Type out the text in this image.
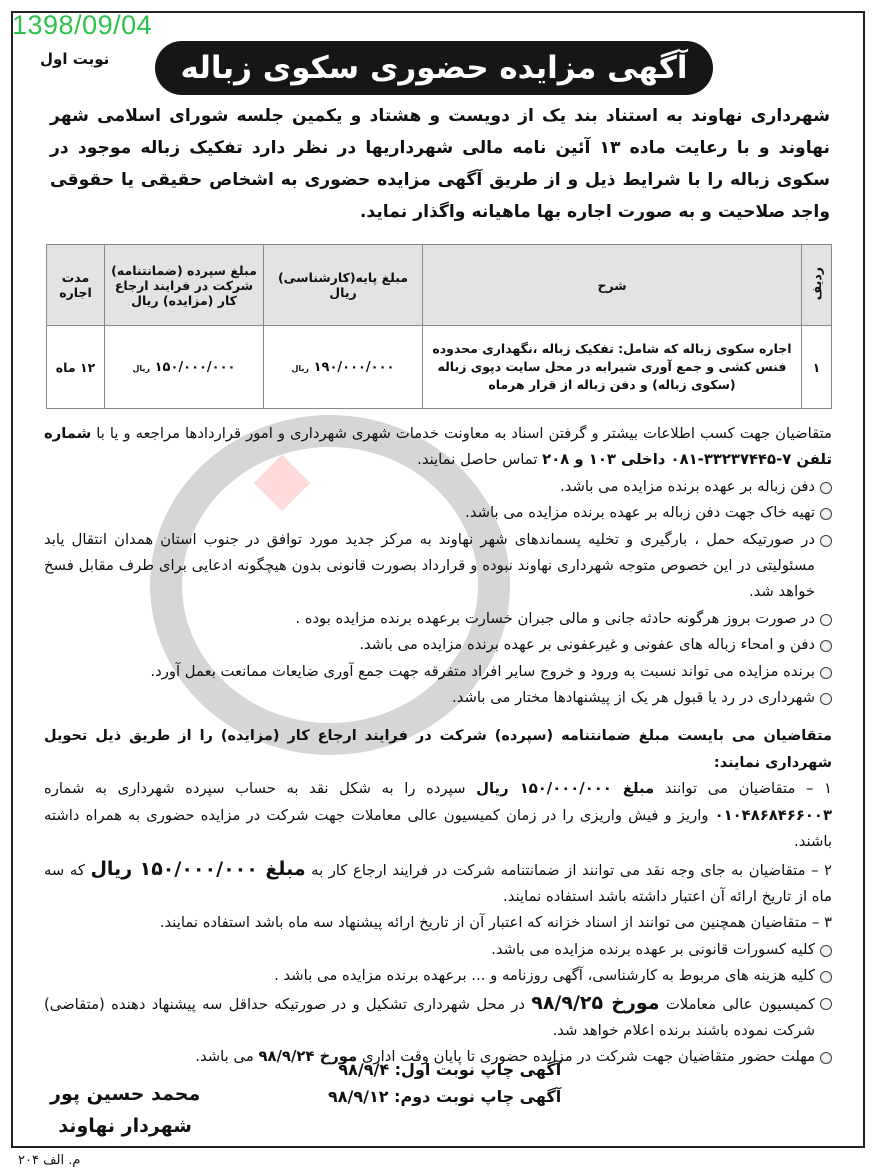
1398/09/04
نوبت اول آگهی مزایده حضوری سکوی زباله
شهرداری نهاوند به استناد بند یک از دویست و هشتاد و یکمین جلسه شورای اسلامی شهر نهاوند و با رعایت ماده ۱۳ آئین نامه مالی شهرداریها در نظر دارد تفکیک زباله موجود در سکوی زباله را با شرایط ذیل و از طریق آگهی مزایده حضوری به اشخاص حقیقی یا حقوقی واجد صلاحیت و به صورت اجاره بها ماهیانه واگذار نماید.
ردیف	شرح	مبلغ پایه(کارشناسی) ریال	مبلغ سپرده (ضمانتنامه) شرکت در فرایند ارجاع کار (مزایده) ریال	مدت اجاره
۱	اجاره سکوی زباله که شامل: تفکیک زباله ،نگهداری محدوده فنس کشی و جمع آوری شیرابه در محل سایت دپوی زباله (سکوی زباله) و دفن زباله از قرار هرماه	۱۹۰/۰۰۰/۰۰۰ ریال	۱۵۰/۰۰۰/۰۰۰ ریال	۱۲ ماه

متقاضیان جهت کسب اطلاعات بیشتر و گرفتن اسناد به معاونت خدمات شهری شهرداری و امور قراردادها مراجعه و یا با شماره تلفن ۷-۳۳۲۳۷۴۴۵-۰۸۱ داخلی ۱۰۳ و ۲۰۸ تماس حاصل نمایند.

دفن زباله بر عهده برنده مزایده می باشد.
تهیه خاک جهت دفن زباله بر عهده برنده مزایده می باشد.
در صورتیکه حمل ، بارگیری و تخلیه پسماندهای شهر نهاوند به مرکز جدید مورد توافق در جنوب استان همدان انتقال یابد مسئولیتی در این خصوص متوجه شهرداری نهاوند نبوده و قرارداد بصورت قانونی بدون هیچگونه ادعایی برای طرف مقابل فسخ خواهد شد.
در صورت بروز هرگونه حادثه جانی و مالی جبران خسارت برعهده برنده مزایده بوده .
دفن و امحاء زباله های عفونی و غیرعفونی بر عهده برنده مزایده می باشد.
برنده مزایده می تواند نسبت به ورود و خروج سایر افراد متفرقه جهت جمع آوری ضایعات ممانعت بعمل آورد.
شهرداری در رد یا قبول هر یک از پیشنهادها مختار می باشد.

متقاضیان می بایست مبلغ ضمانتنامه (سپرده) شرکت در فرایند ارجاع کار (مزایده) را از طریق ذیل تحویل شهرداری نمایند:

۱ – متقاضیان می توانند مبلغ ۱۵۰/۰۰۰/۰۰۰ ریال سپرده را به شکل نقد به حساب سپرده شهرداری به شماره ۰۱۰۴۸۶۸۴۶۶۰۰۳ واریز و فیش واریزی را در زمان کمیسیون عالی معاملات جهت شرکت در مزایده حضوری به همراه داشته باشند.

۲ – متقاضیان به جای وجه نقد می توانند از ضمانتنامه شرکت در فرایند ارجاع کار به مبلغ ۱۵۰/۰۰۰/۰۰۰ ریال که سه ماه از تاریخ ارائه آن اعتبار داشته باشد استفاده نمایند.

۳ – متقاضیان همچنین می توانند از اسناد خزانه که اعتبار آن از تاریخ ارائه پیشنهاد سه ماه باشد استفاده نمایند.

کلیه کسورات قانونی بر عهده برنده مزایده می باشد.
کلیه هزینه های مربوط به کارشناسی، آگهی روزنامه و ... برعهده برنده مزایده می باشد .
کمیسیون عالی معاملات مورخ ۹۸/۹/۲۵ در محل شهرداری تشکیل و در صورتیکه حداقل سه پیشنهاد دهنده (متقاضی) شرکت نموده باشند برنده اعلام خواهد شد.
مهلت حضور متقاضیان جهت شرکت در مزایده حضوری تا پایان وقت اداری مورخ ۹۸/۹/۲۴ می باشد.
آگهی چاپ نوبت اول: ۹۸/۹/۴
آگهی چاپ نوبت دوم: ۹۸/۹/۱۲
محمد حسین پور
شهردار نهاوند
م. الف ۲۰۴
